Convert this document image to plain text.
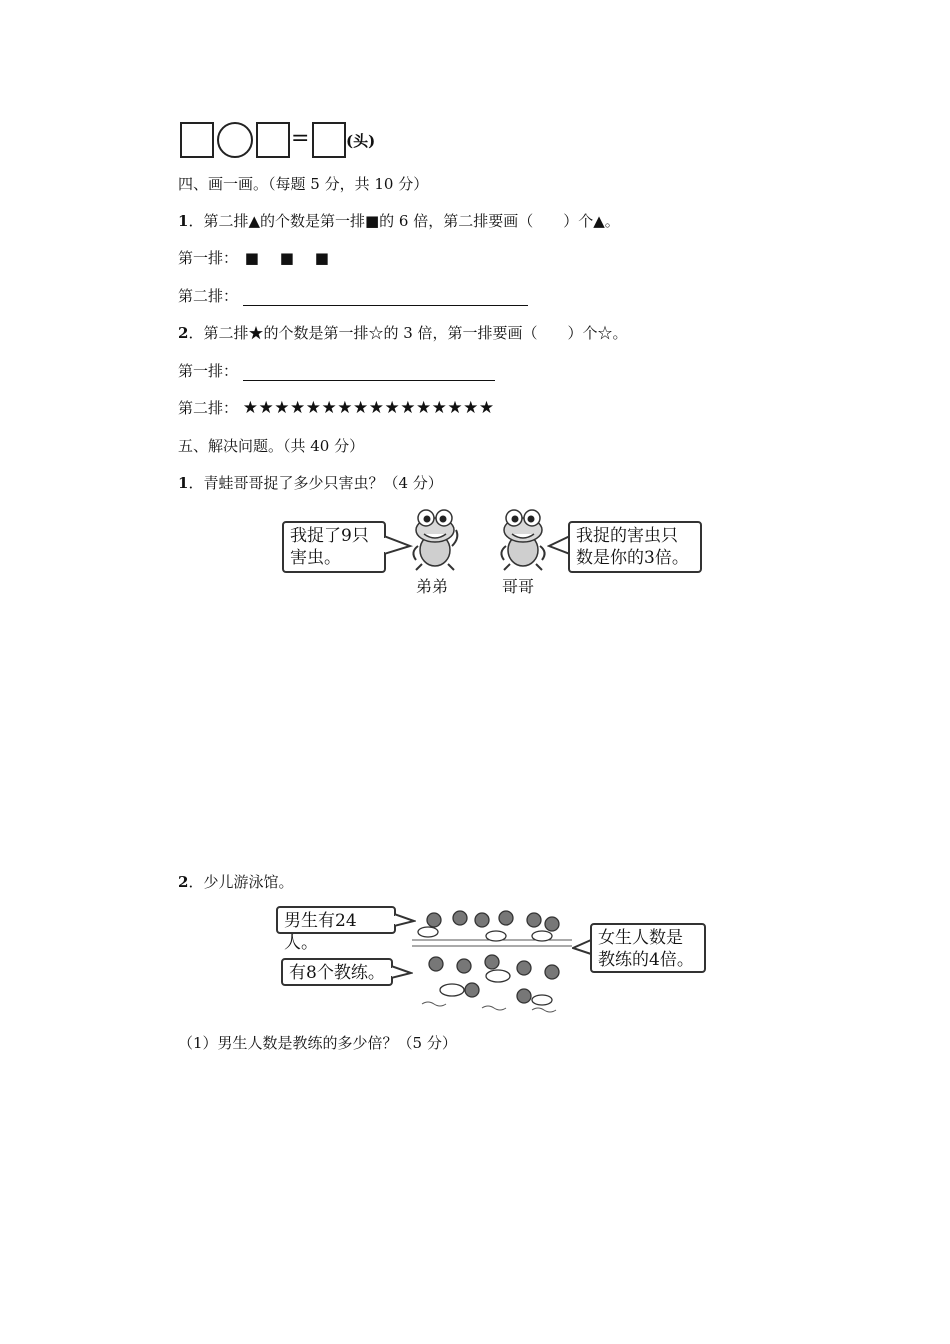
= (头)
四、画一画。（每题 5 分，共 10 分）
1．第二排▲的个数是第一排■的 6 倍，第二排要画（　　）个▲。
第一排： ■ ■ ■
第二排：
2．第二排★的个数是第一排☆的 3 倍，第一排要画（　　）个☆。
第一排：
第二排： ★★★★★★★★★★★★★★★★
五、解决问题。（共 40 分）
1．青蛙哥哥捉了多少只害虫？（4 分）
我捉了9只
害虫。
弟弟	哥哥
我捉的害虫只
数是你的3倍。
2．少儿游泳馆。
男生有24人。
有8个教练。
女生人数是
教练的4倍。
（1）男生人数是教练的多少倍？（5 分）
